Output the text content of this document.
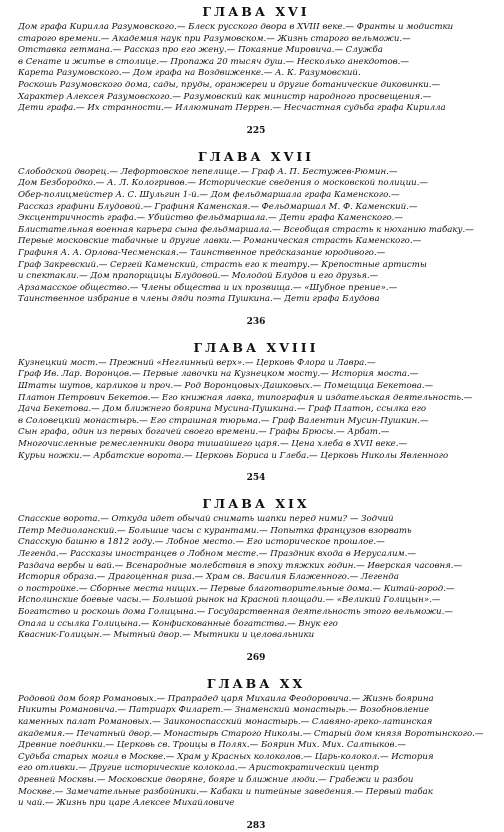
ГЛАВА XVI
Дом графа Кирилла Разумовского.— Блеск русского двора в XVIII веке.— Франты и модистки
старого времени.— Академия наук при Разумовском.— Жизнь старого вельможи.—
Отставка гетмана.— Рассказ про его жену.— Покаяние Мировича.— Служба
в Сенате и житье в столице.— Пропажа 20 тысяч душ.— Несколько анекдотов.—
Карета Разумовского.— Дом графа на Воздвиженке.— А. К. Разумовский.
Роскошь Разумовского дома, сады, пруды, оранжереи и другие ботанические диковинки.—
Характер Алексея Разумовского.— Разумовский как министр народного просвещения.—
Дети графа.— Их странности.— Иллюминат Перрен.— Несчастная судьба графа Кирилла
225
ГЛАВА XVII
Слободской дворец.— Лефортовское пепелище.— Граф А. П. Бестужев-Рюмин.—
Дом Безбородко.— А. Л. Кологривов.— Исторические сведения о московской полиции.—
Обер-полицмейстер А. С. Шульгин 1-й.— Дом фельдмаршала графа Каменского.—
Рассказ графини Блудовой.— Графиня Каменская.— Фельдмаршал М. Ф. Каменский.—
Эксцентричность графа.— Убийство фельдмаршала.— Дети графа Каменского.—
Блистательная военная карьера сына фельдмаршала.— Всеобщая страсть к нюханию табаку.—
Первые московские табачные и другие лавки.— Романическая страсть Каменского.—
Графиня А. А. Орлова-Чесменская.— Таинственное предсказание юродивого.—
Граф Закревский.— Сергей Каменский, страсть его к театру.— Крепостные артисты
и спектакли.— Дом прапорщицы Блудовой.— Молодой Блудов и его друзья.—
Арзамасское общество.— Члены общества и их прозвища.— «Шубное прение».—
Таинственное избрание в члены дяди поэта Пушкина.— Дети графа Блудова
236
ГЛАВА XVIII
Кузнецкий мост.— Прежний «Неглинный верх».— Церковь Флора и Лавра.—
Граф Ив. Лар. Воронцов.— Первые лавочки на Кузнецком мосту.— История моста.—
Штаты шутов, карликов и проч.— Род Воронцовых-Дашковых.— Помещица Бекетова.—
Платон Петрович Бекетов.— Его книжная лавка, типография и издательская деятельность.—
Дача Бекетова.— Дом ближнего боярина Мусина-Пушкина.— Граф Платон, ссылка его
в Соловецкий монастырь.— Его страшная тюрьма.— Граф Валентин Мусин-Пушкин.—
Сын графа, один из первых богачей своего времени.— Графы Брюсы.— Арбат.—
Многочисленные ремесленники двора тишайшего царя.— Цена хлеба в XVII веке.—
Курьи ножки.— Арбатские ворота.— Церковь Бориса и Глеба.— Церковь Николы Явленного
254
ГЛАВА XIX
Спасские ворота.— Откуда идет обычай снимать шапки перед ними? — Зодчий
Петр Медиоланский.— Большие часы с курантами.— Попытка французов взорвать
Спасскую башню в 1812 году.— Лобное место.— Его историческое прошлое.—
Легенда.— Рассказы иностранцев о Лобном месте.— Праздник входа в Иерусалим.—
Раздача вербы и вай.— Всенародные молебствия в эпоху тяжких годин.— Иверская часовня.—
История образа.— Драгоценная риза.— Храм св. Василия Блаженного.— Легенда
о постройке.— Сборные места нищих.— Первые благотворительные дома.— Китай-город.—
Исполинские боевые часы.— Большой рынок на Красной площади.— «Великий Голицын».—
Богатство и роскошь дома Голицына.— Государственная деятельность этого вельможи.—
Опала и ссылка Голицына.— Конфискованные богатства.— Внук его
Квасник-Голицын.— Мытный двор.— Мытники и целовальники
269
ГЛАВА XX
Родовой дом бояр Романовых.— Прапрадед царя Михаила Феодоровича.— Жизнь боярина
Никиты Романовича.— Патриарх Филарет.— Знаменский монастырь.— Возобновление
каменных палат Романовых.— Заиконоспасский монастырь.— Славяно-греко-латинская
академия.— Печатный двор.— Монастырь Старого Николы.— Старый дом князя Воротынского.—
Древние поединки.— Церковь св. Троицы в Полях.— Боярин Мих. Мих. Салтыков.—
Судьба старых могил в Москве.— Храм у Красных колоколов.— Царь-колокол.— История
его отливки.— Другие исторические колокола.— Аристократический центр
древней Москвы.— Московские дворяне, бояре и ближние люди.— Грабежи и разбои
Москве.— Замечательные разбойники.— Кабаки и питейные заведения.— Первый табак
и чай.— Жизнь при царе Алексее Михайловиче
283
